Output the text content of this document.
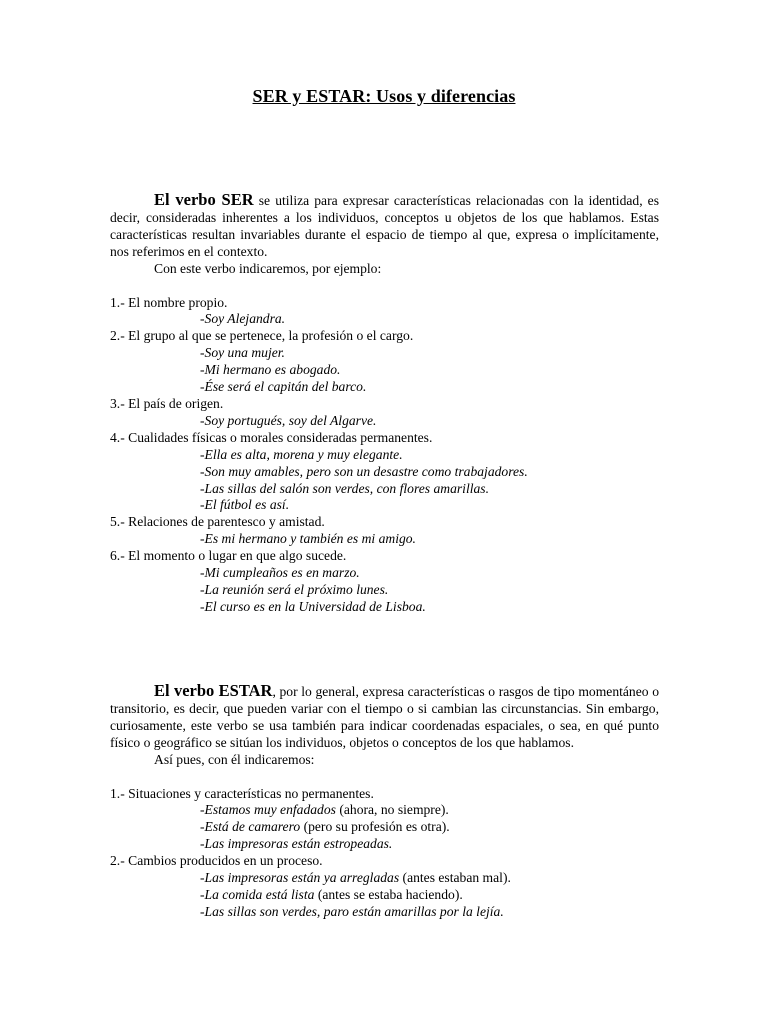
SER y ESTAR: Usos y diferencias
El verbo SER se utiliza para expresar características relacionadas con la identidad, es decir, consideradas inherentes a los individuos, conceptos u objetos de los que hablamos. Estas características resultan invariables durante el espacio de tiempo al que, expresa o implícitamente, nos referimos en el contexto.
Con este verbo indicaremos, por ejemplo:
1.- El nombre propio.
-Soy Alejandra.
2.- El grupo al que se pertenece, la profesión o el cargo.
-Soy una mujer.
-Mi hermano es abogado.
-Ése será el capitán del barco.
3.- El país de origen.
-Soy portugués, soy del Algarve.
4.- Cualidades físicas o morales consideradas permanentes.
-Ella es alta, morena y muy elegante.
-Son muy amables, pero son un desastre como trabajadores.
-Las sillas del salón son verdes, con flores amarillas.
-El fútbol es así.
5.- Relaciones de parentesco y amistad.
-Es mi hermano y también es mi amigo.
6.- El momento o lugar en que algo sucede.
-Mi cumpleaños es en marzo.
-La reunión será el próximo lunes.
-El curso es en la Universidad de Lisboa.
El verbo ESTAR, por lo general, expresa características o rasgos de tipo momentáneo o transitorio, es decir, que pueden variar con el tiempo o si cambian las circunstancias. Sin embargo, curiosamente, este verbo se usa también para indicar coordenadas espaciales, o sea, en qué punto físico o geográfico se sitúan los individuos, objetos o conceptos de los que hablamos.
Así pues, con él indicaremos:
1.- Situaciones y características no permanentes.
-Estamos muy enfadados (ahora, no siempre).
-Está de camarero (pero su profesión es otra).
-Las impresoras están estropeadas.
2.- Cambios producidos en un proceso.
-Las impresoras están ya arregladas (antes estaban mal).
-La comida está lista (antes se estaba haciendo).
-Las sillas son verdes, paro están amarillas por la lejía.
